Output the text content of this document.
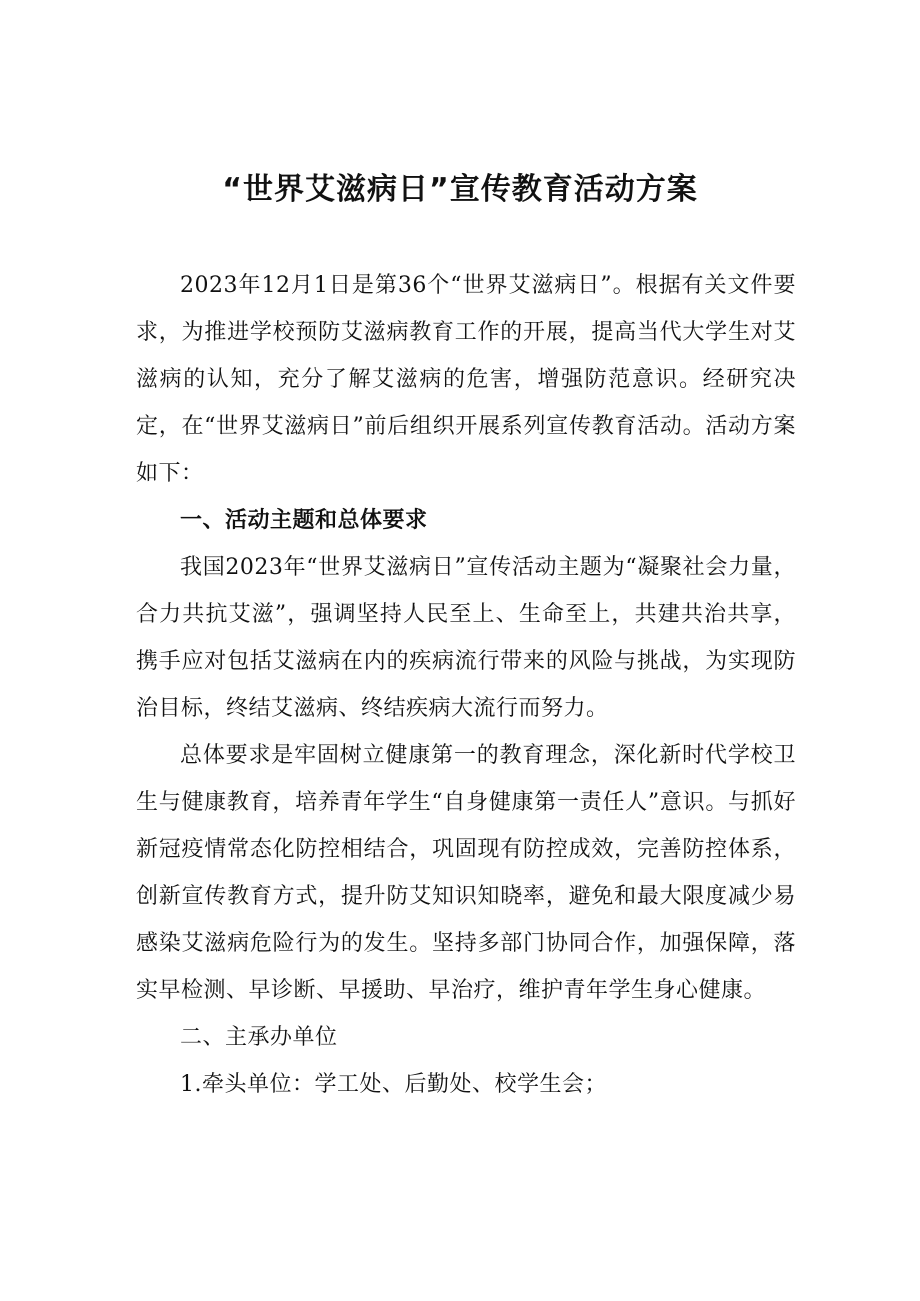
“世界艾滋病日”宣传教育活动方案

2023年12月1日是第36个“世界艾滋病日”。根据有关文件要求，为推进学校预防艾滋病教育工作的开展，提高当代大学生对艾滋病的认知，充分了解艾滋病的危害，增强防范意识。经研究决定，在“世界艾滋病日”前后组织开展系列宣传教育活动。活动方案如下：

一、活动主题和总体要求

我国2023年“世界艾滋病日”宣传活动主题为“凝聚社会力量，合力共抗艾滋”，强调坚持人民至上、生命至上，共建共治共享，携手应对包括艾滋病在内的疾病流行带来的风险与挑战，为实现防治目标，终结艾滋病、终结疾病大流行而努力。

总体要求是牢固树立健康第一的教育理念，深化新时代学校卫生与健康教育，培养青年学生“自身健康第一责任人”意识。与抓好新冠疫情常态化防控相结合，巩固现有防控成效，完善防控体系，创新宣传教育方式，提升防艾知识知晓率，避免和最大限度减少易感染艾滋病危险行为的发生。坚持多部门协同合作，加强保障，落实早检测、早诊断、早援助、早治疗，维护青年学生身心健康。

二、主承办单位

1.牵头单位：学工处、后勤处、校学生会；
